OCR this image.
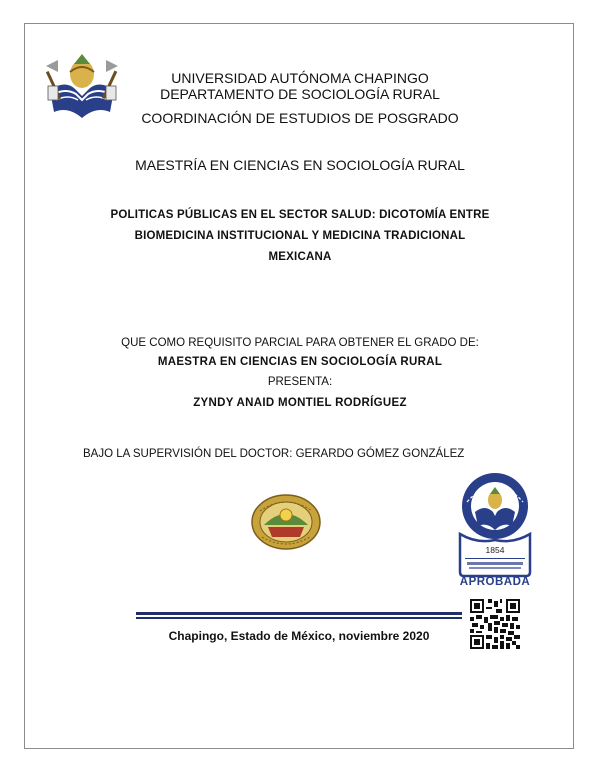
UNIVERSIDAD AUTÓNOMA CHAPINGO
DEPARTAMENTO DE SOCIOLOGÍA RURAL
COORDINACIÓN DE ESTUDIOS DE POSGRADO
MAESTRÍA EN CIENCIAS EN SOCIOLOGÍA RURAL
POLITICAS PÚBLICAS EN EL SECTOR SALUD: DICOTOMÍA ENTRE
BIOMEDICINA INSTITUCIONAL Y MEDICINA TRADICIONAL
MEXICANA
QUE COMO REQUISITO PARCIAL PARA OBTENER EL GRADO DE:
MAESTRA EN CIENCIAS EN SOCIOLOGÍA RURAL
PRESENTA:
ZYNDY ANAID MONTIEL RODRÍGUEZ
BAJO LA SUPERVISIÓN DEL DOCTOR: GERARDO GÓMEZ GONZÁLEZ
1854
APROBADA
Chapingo, Estado de México, noviembre 2020
